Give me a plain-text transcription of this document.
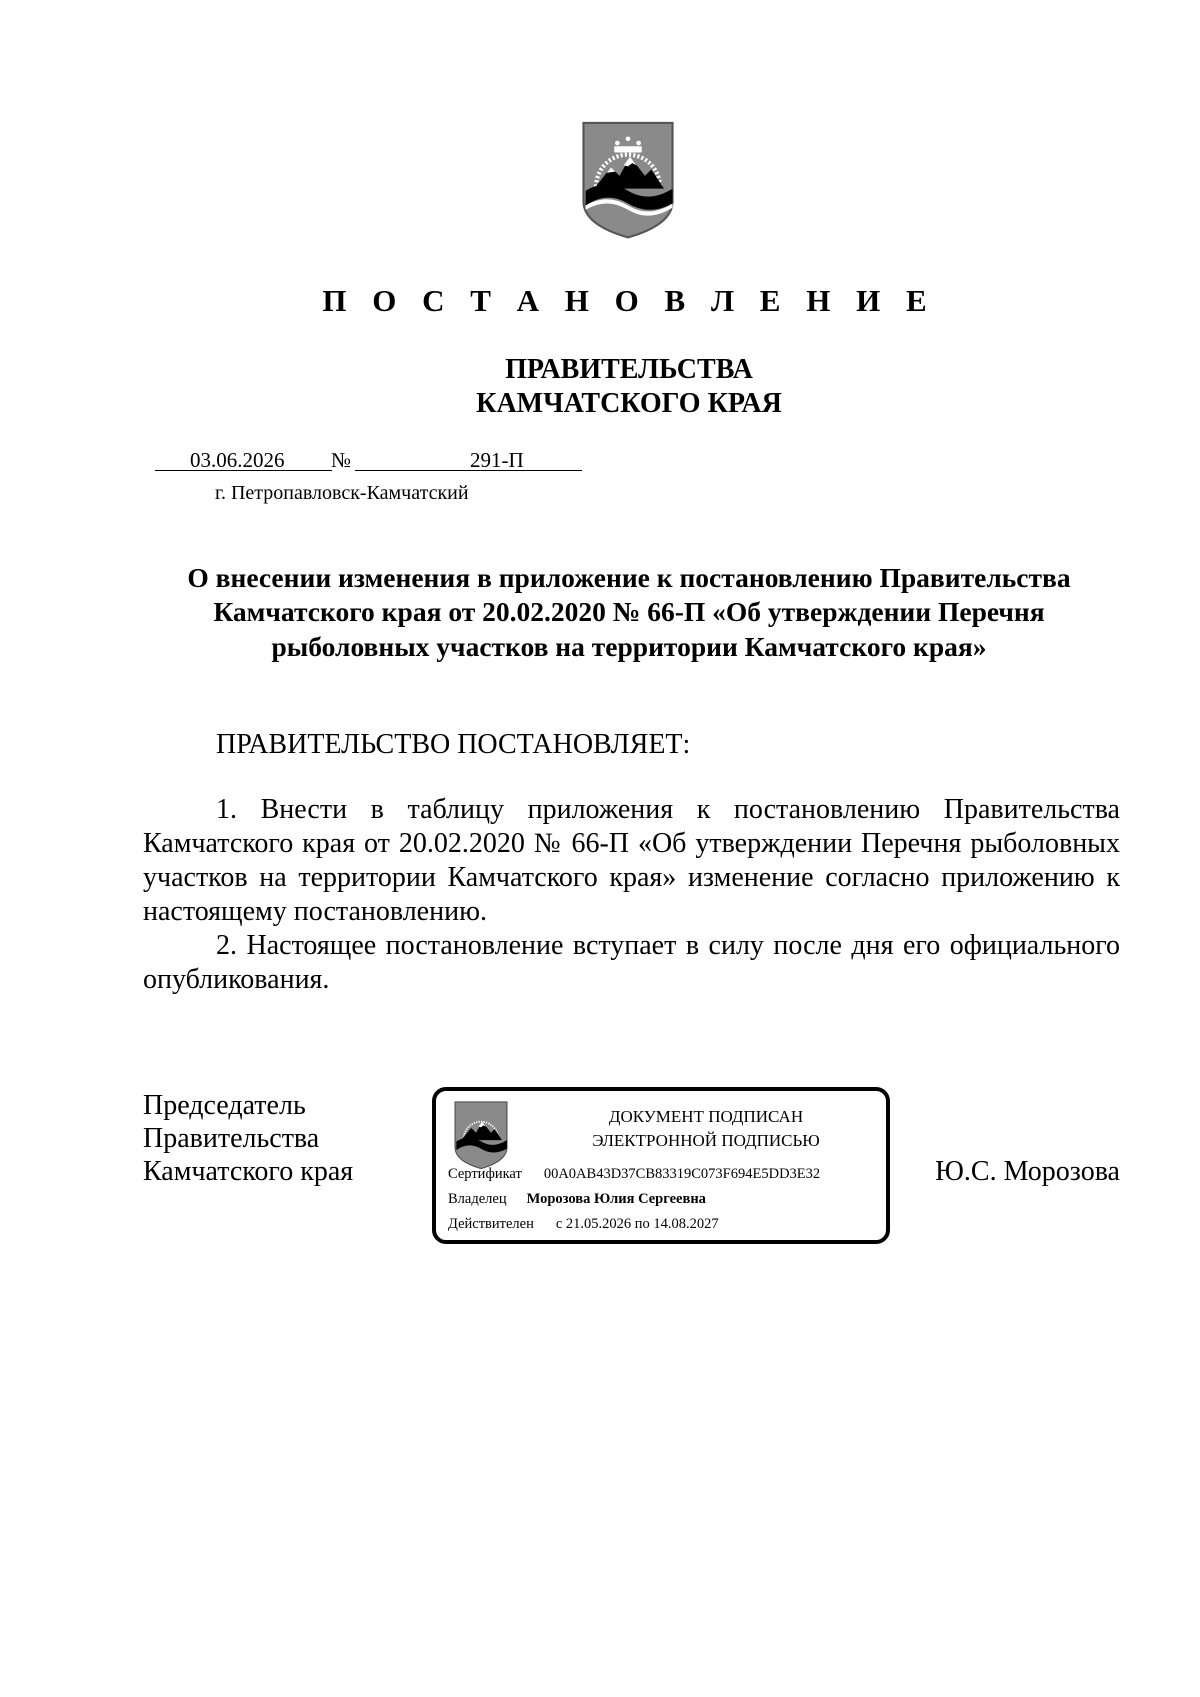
П О С Т А Н О В Л Е Н И Е
ПРАВИТЕЛЬСТВА
КАМЧАТСКОГО КРАЯ
03.06.2026 №	291-П
г. Петропавловск-Камчатский
О внесении изменения в приложение к постановлению Правительства
Камчатского края от 20.02.2020 № 66-П «Об утверждении Перечня
рыболовных участков на территории Камчатского края»
ПРАВИТЕЛЬСТВО ПОСТАНОВЛЯЕТ:
1. Внести в таблицу приложения к постановлению Правительства
Камчатского края от 20.02.2020 № 66-П «Об утверждении Перечня рыболовных
участков на территории Камчатского края» изменение согласно приложению к
настоящему постановлению.
2. Настоящее постановление вступает в силу после дня его официального
опубликования.
Председатель
Правительства
Камчатского края	Ю.С. Морозова
ДОКУМЕНТ ПОДПИСАН
ЭЛЕКТРОННОЙ ПОДПИСЬЮ
Сертификат 00A0AB43D37CB83319C073F694E5DD3E32
Владелец Морозова Юлия Сергеевна
Действителен с 21.05.2026 по 14.08.2027
